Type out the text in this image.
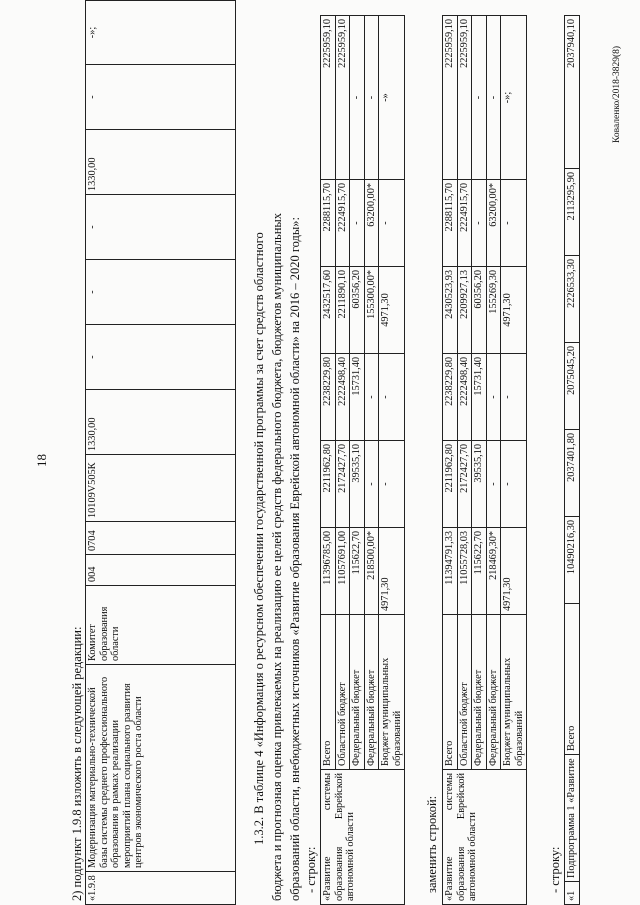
18
2) подпункт 1.9.8 изложить в следующей редакции: «1.9.8	Модернизация материально-технической базы системы среднего профессионального образования в рамках реализации мероприятий плана социального развития центров экономического роста области	Комитет образования области	004	0704	10109V505К	1330,00	-	-	-	1330,00	-	-»;
1.3.2. В таблице 4 «Информация о ресурсном обеспечении государственной программы за счет средств областного бюджета и прогнозная оценка привлекаемых на реализацию ее целей средств федерального бюджета, бюджетов муниципальных образований области, внебюджетных источников «Развитие образования Еврейской автономной области» на 2016 – 2020 годы»: - строку: «Развитие системы образования Еврейской автономной области	Всего	11396785,00	2211962,80	2238229,80	2432517,60	2288115,70	2225959,10
	Областной бюджет	11057691,00	2172427,70	2222498,40	2211890,10	2224915,70	2225959,10
	Федеральный бюджет	115622,70	39535,10	15731,40	60356,20	-	-
	Федеральный бюджет	218500,00*	-	-	155300,00*	63200,00*	-
	Бюджет муниципальных образований	4971,30	-	-	4971,30	-	-»
заменить строкой: «Развитие системы образования Еврейской автономной области	Всего	11394791,33	2211962,80	2238229,80	2430523,93	2288115,70	2225959,10
	Областной бюджет	11055728,03	2172427,70	2222498,40	2209927,13	2224915,70	2225959,10
	Федеральный бюджет	115622,70	39535,10	15731,40	60356,20	-	-
	Федеральный бюджет	218469,30*	-	-	155269,30	63200,00*	-
	Бюджет муниципальных образований	4971,30	-	-	4971,30	-	-»;
- строку:
«1	Подпрограмма 1 «Развитие	Всего	10490216,30	2037401,80	2075045,20	2226533,30	2113295,90	2037940,10
Коваленко/2018-3829(8)
